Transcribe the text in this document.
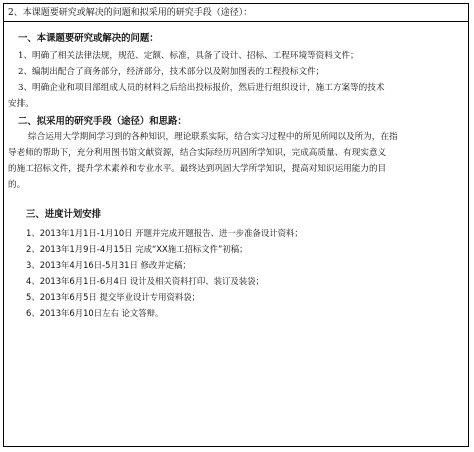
2、本课题要研究或解决的问题和拟采用的研究手段（途径）：
一、本课题要研究或解决的问题：
1、明确了相关法律法规，规范、定额、标准，具备了设计、招标、工程环境等资料文件；
2、编制出配合了商务部分，经济部分，技术部分以及附加图表的工程投标文件；
3、明确企业和项目部组成人员的材料之后给出投标报价，然后进行组织设计，施工方案等的技术
安排。
二、拟采用的研究手段（途径）和思路：
综合运用大学期间学习到的各种知识，理论联系实际，结合实习过程中的所见所闻以及所为，在指
导老师的帮助下，充分利用图书馆文献资源，结合实际经历巩固所学知识，完成高质量、有现实意义
的施工招标文件，提升学术素养和专业水平。最终达到巩固大学所学知识，提高对知识运用能力的目
的。
三、进度计划安排
1、2013年1月1日-1月10日 开题并完成开题报告、进一步准备设计资料；
2、2013年1月9日-4月15日 完成“XX施工招标文件”初稿；
3、2013年4月16日-5月31日 修改并定稿；
4、2013年6月1日-6月4日 设计及相关资料打印、装订及装袋；
5、2013年6月5日 提交毕业设计专用资料袋；
6、2013年6月10日左右 论文答辩。
